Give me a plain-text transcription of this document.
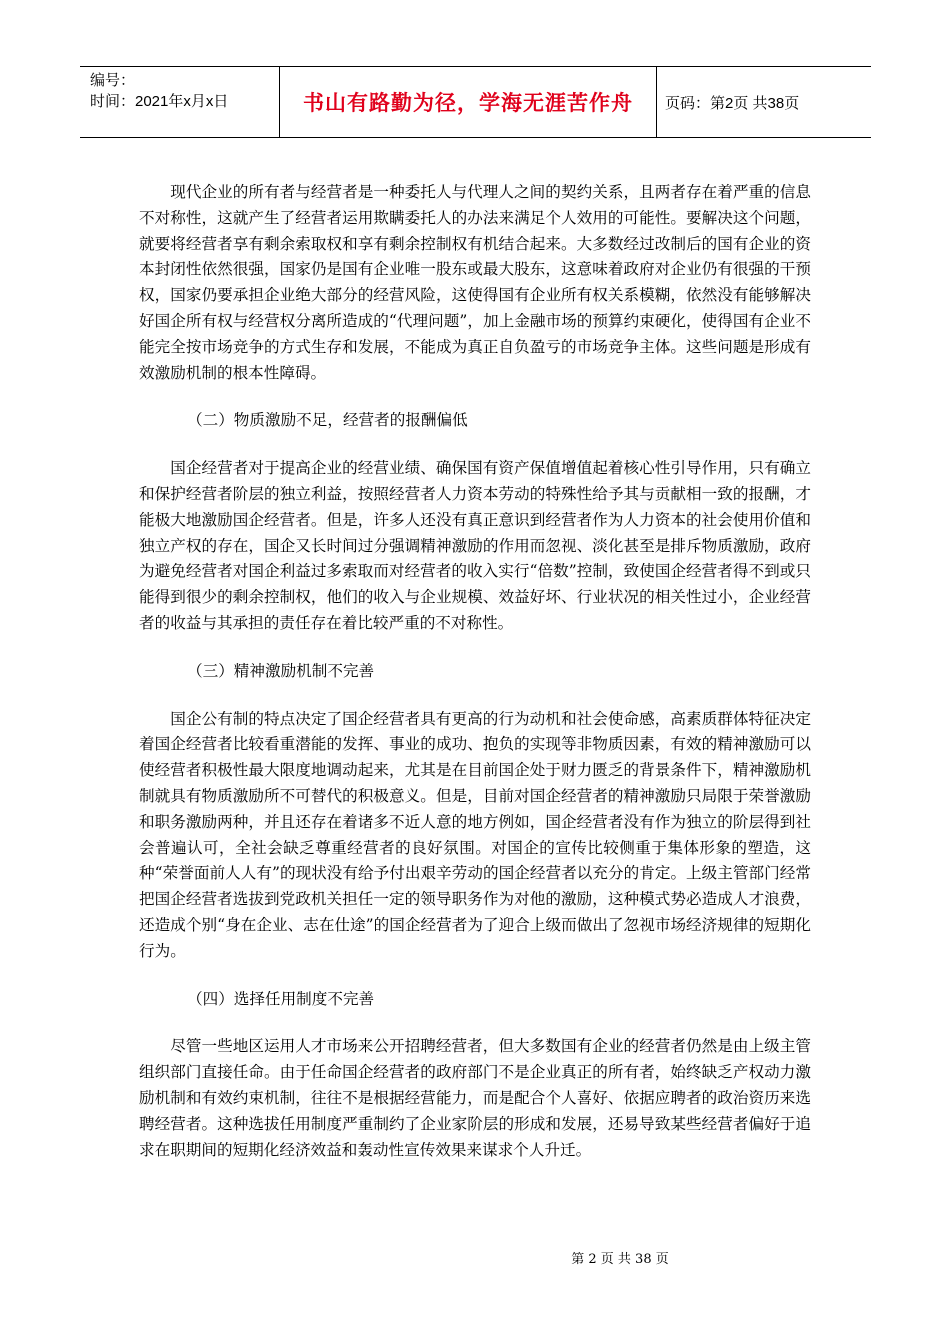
编号：
时间：2021年x月x日	书山有路勤为径，学海无涯苦作舟	页码：第2页 共38页

现代企业的所有者与经营者是一种委托人与代理人之间的契约关系，且两者存在着严重的信息不对称性，这就产生了经营者运用欺瞒委托人的办法来满足个人效用的可能性。要解决这个问题，就要将经营者享有剩余索取权和享有剩余控制权有机结合起来。大多数经过改制后的国有企业的资本封闭性依然很强，国家仍是国有企业唯一股东或最大股东，这意味着政府对企业仍有很强的干预权，国家仍要承担企业绝大部分的经营风险，这使得国有企业所有权关系模糊，依然没有能够解决好国企所有权与经营权分离所造成的“代理问题”，加上金融市场的预算约束硬化，使得国有企业不能完全按市场竞争的方式生存和发展，不能成为真正自负盈亏的市场竞争主体。这些问题是形成有效激励机制的根本性障碍。

（二）物质激励不足，经营者的报酬偏低

国企经营者对于提高企业的经营业绩、确保国有资产保值增值起着核心性引导作用，只有确立和保护经营者阶层的独立利益，按照经营者人力资本劳动的特殊性给予其与贡献相一致的报酬，才能极大地激励国企经营者。但是，许多人还没有真正意识到经营者作为人力资本的社会使用价值和独立产权的存在，国企又长时间过分强调精神激励的作用而忽视、淡化甚至是排斥物质激励，政府为避免经营者对国企利益过多索取而对经营者的收入实行“倍数”控制，致使国企经营者得不到或只能得到很少的剩余控制权，他们的收入与企业规模、效益好坏、行业状况的相关性过小，企业经营者的收益与其承担的责任存在着比较严重的不对称性。

（三）精神激励机制不完善

国企公有制的特点决定了国企经营者具有更高的行为动机和社会使命感，高素质群体特征决定着国企经营者比较看重潜能的发挥、事业的成功、抱负的实现等非物质因素，有效的精神激励可以使经营者积极性最大限度地调动起来，尤其是在目前国企处于财力匮乏的背景条件下，精神激励机制就具有物质激励所不可替代的积极意义。但是，目前对国企经营者的精神激励只局限于荣誉激励和职务激励两种，并且还存在着诸多不近人意的地方例如，国企经营者没有作为独立的阶层得到社会普遍认可，全社会缺乏尊重经营者的良好氛围。对国企的宣传比较侧重于集体形象的塑造，这种“荣誉面前人人有”的现状没有给予付出艰辛劳动的国企经营者以充分的肯定。上级主管部门经常把国企经营者选拔到党政机关担任一定的领导职务作为对他的激励，这种模式势必造成人才浪费，还造成个别“身在企业、志在仕途”的国企经营者为了迎合上级而做出了忽视市场经济规律的短期化行为。

（四）选择任用制度不完善

尽管一些地区运用人才市场来公开招聘经营者，但大多数国有企业的经营者仍然是由上级主管组织部门直接任命。由于任命国企经营者的政府部门不是企业真正的所有者，始终缺乏产权动力激励机制和有效约束机制，往往不是根据经营能力，而是配合个人喜好、依据应聘者的政治资历来选聘经营者。这种选拔任用制度严重制约了企业家阶层的形成和发展，还易导致某些经营者偏好于追求在职期间的短期化经济效益和轰动性宣传效果来谋求个人升迁。

第 2 页 共 38 页
